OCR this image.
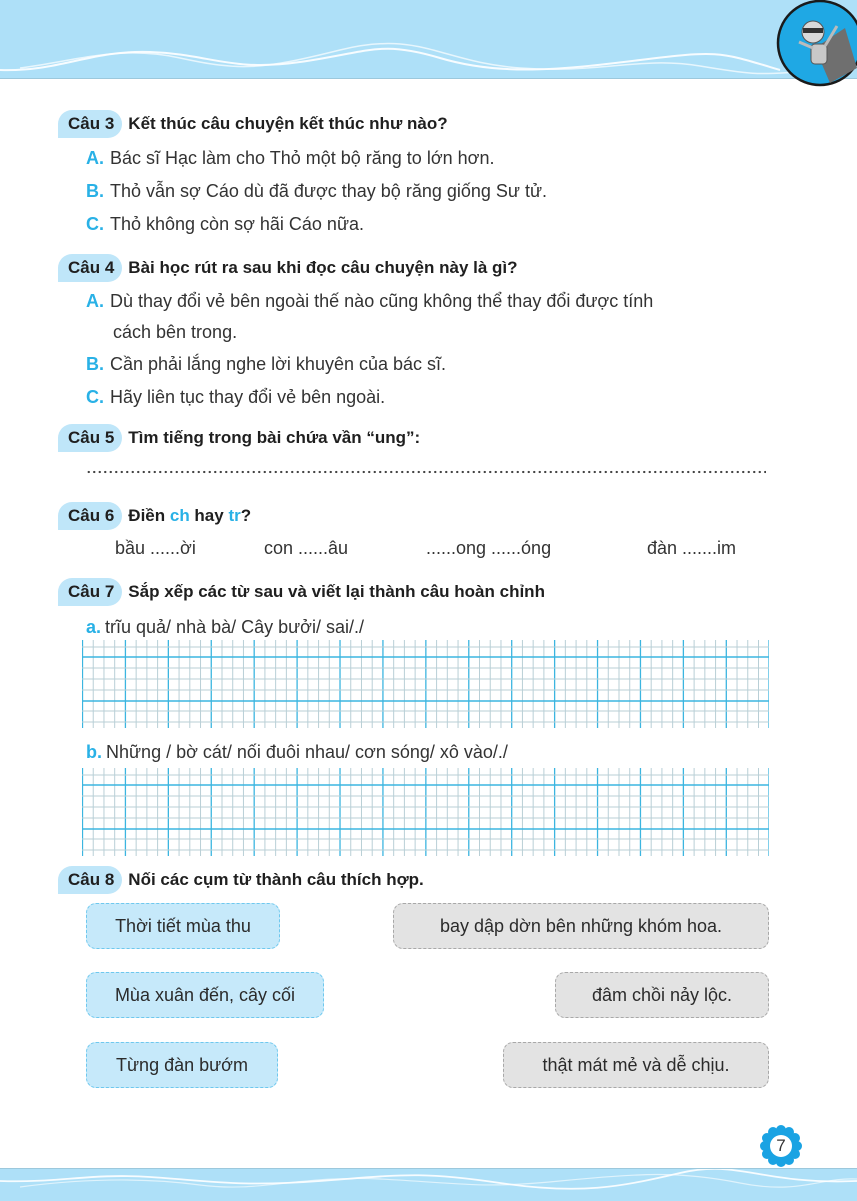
Câu 3 Kết thúc câu chuyện kết thúc như nào?
A. Bác sĩ Hạc làm cho Thỏ một bộ răng to lớn hơn.
B. Thỏ vẫn sợ Cáo dù đã được thay bộ răng giống Sư tử.
C. Thỏ không còn sợ hãi Cáo nữa.
Câu 4 Bài học rút ra sau khi đọc câu chuyện này là gì?
A. Dù thay đổi vẻ bên ngoài thế nào cũng không thể thay đổi được tính
cách bên trong.
B. Cần phải lắng nghe lời khuyên của bác sĩ.
C. Hãy liên tục thay đổi vẻ bên ngoài.
Câu 5 Tìm tiếng trong bài chứa vần “ung”:
Câu 6 Điền ch hay tr?
bầu ......ời	con ......âu	......ong ......óng	đàn .......im
Câu 7 Sắp xếp các từ sau và viết lại thành câu hoàn chỉnh
a. trĩu quả/ nhà bà/ Cây bưởi/ sai/./
b. Những / bờ cát/ nối đuôi nhau/ cơn sóng/ xô vào/./
Câu 8 Nối các cụm từ thành câu thích hợp.
Thời tiết mùa thu
Mùa xuân đến, cây cối
Từng đàn bướm
bay dập dờn bên những khóm hoa.
đâm chồi nảy lộc.
thật mát mẻ và dễ chịu.
7
